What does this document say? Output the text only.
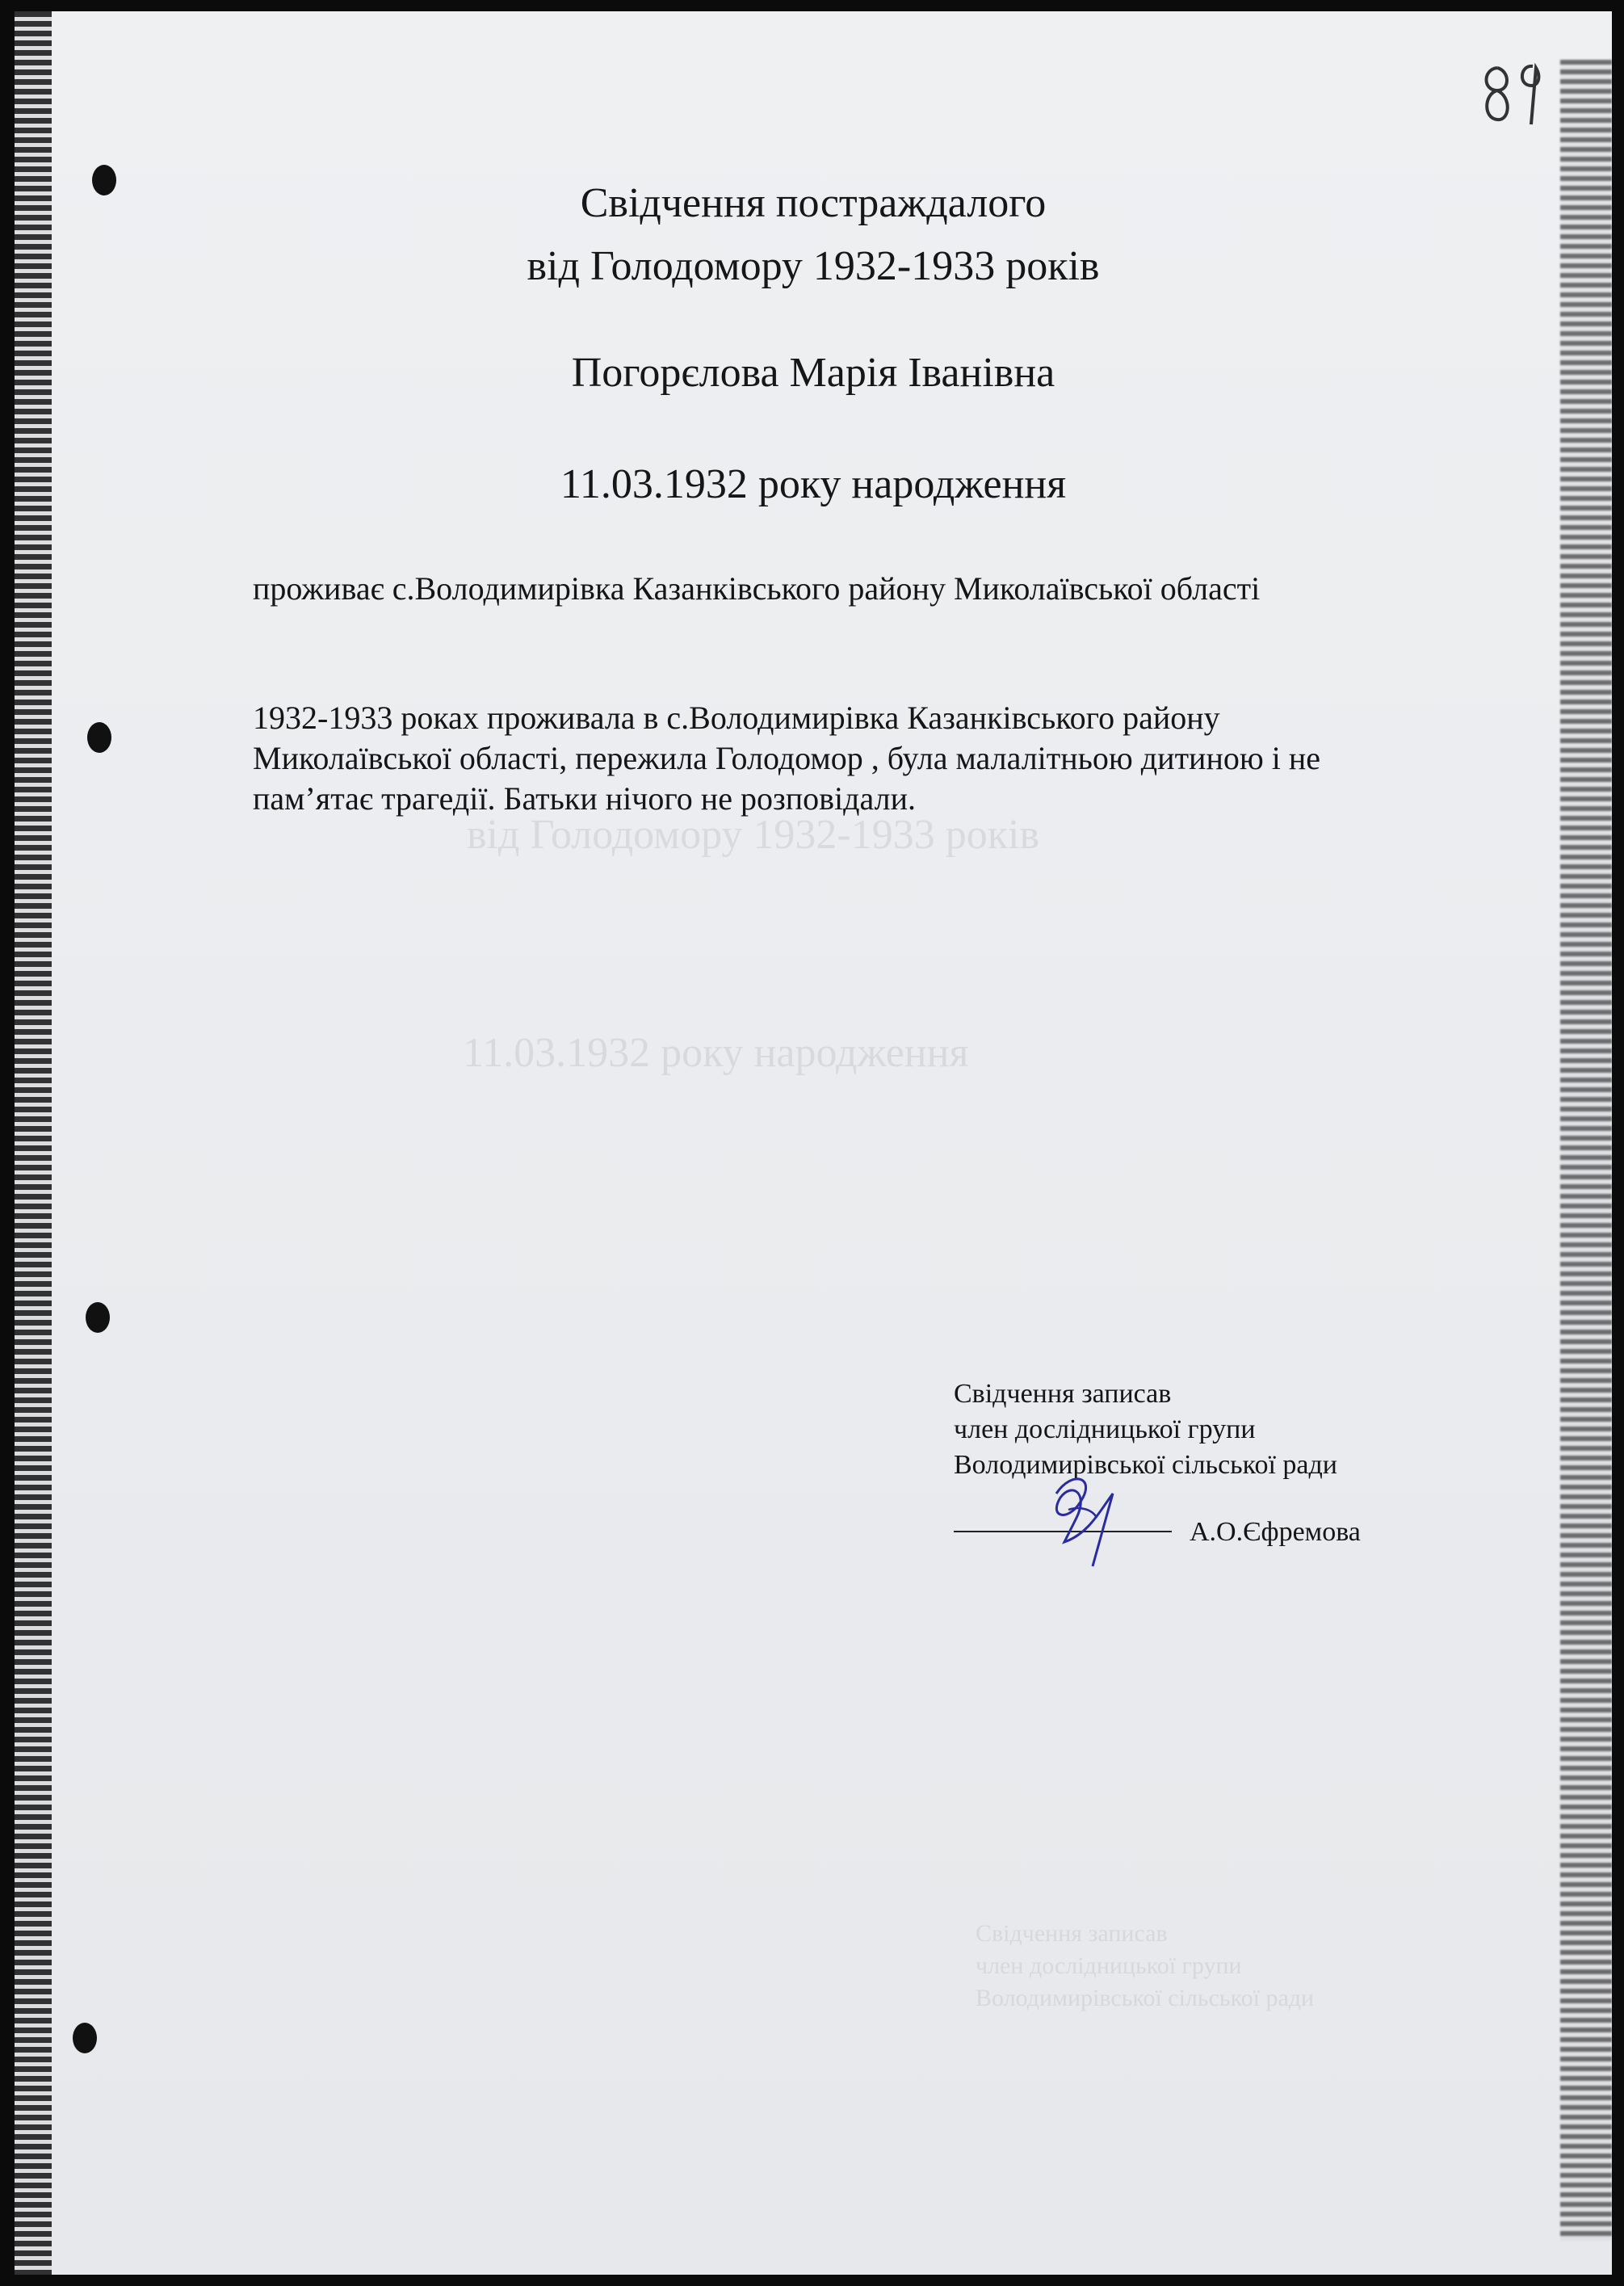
від Голодомору 1932-1933 років
11.03.1932 року народження
Свідчення записав
член дослідницької групи
Володимирівської сільської ради
Свідчення постраждалого
від Голодомору 1932-1933 років
Погорєлова Марія Іванівна
11.03.1932 року народження
проживає с.Володимирівка Казанківського району Миколаївської області
1932-1933 роках проживала в с.Володимирівка Казанківського району Миколаївської області, пережила Голодомор , була малалітньою дитиною і не пам’ятає трагедії. Батьки нічого не розповідали.
Свідчення записав
член дослідницької групи
Володимирівської сільської ради
А.О.Єфремова
